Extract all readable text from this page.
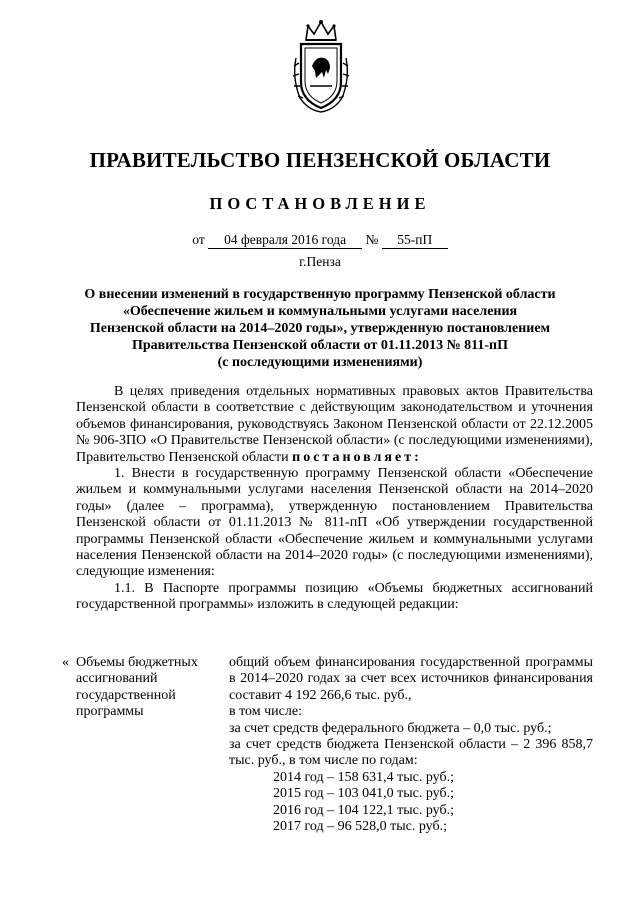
ПРАВИТЕЛЬСТВО ПЕНЗЕНСКОЙ ОБЛАСТИ
ПОСТАНОВЛЕНИЕ
от 04 февраля 2016 года № 55-пП
г.Пенза
О внесении изменений в государственную программу Пензенской области
«Обеспечение жильем и коммунальными услугами населения
Пензенской области на 2014–2020 годы», утвержденную постановлением
Правительства Пензенской области от 01.11.2013 № 811-пП
(с последующими изменениями)

В целях приведения отдельных нормативных правовых актов Правительства Пензенской области в соответствие с действующим законодательством и уточнения объемов финансирования, руководствуясь Законом Пензенской области от 22.12.2005 № 906-ЗПО «О Правительстве Пензенской области» (с последующими изменениями), Правительство Пензенской области постановляет:

1. Внести в государственную программу Пензенской области «Обеспечение жильем и коммунальными услугами населения Пензенской области на 2014–2020 годы» (далее – программа), утвержденную постановлением Правительства Пензенской области от 01.11.2013 № 811-пП «Об утверждении государственной программы Пензенской области «Обеспечение жильем и коммунальными услугами населения Пензенской области на 2014–2020 годы» (с последующими изменениями), следующие изменения:

1.1. В Паспорте программы позицию «Объемы бюджетных ассигнований государственной программы» изложить в следующей редакции:

« Объемы бюджетных
ассигнований
государственной
программы
общий объем финансирования государственной программы в 2014–2020 годах за счет всех источников финансирования составит 4 192 266,6 тыс. руб.,
в том числе:
за счет средств федерального бюджета – 0,0 тыс. руб.;
за счет средств бюджета Пензенской области – 2 396 858,7 тыс. руб., в том числе по годам:
2014 год – 158 631,4 тыс. руб.;
2015 год – 103 041,0 тыс. руб.;
2016 год – 104 122,1 тыс. руб.;
2017 год – 96 528,0 тыс. руб.;
